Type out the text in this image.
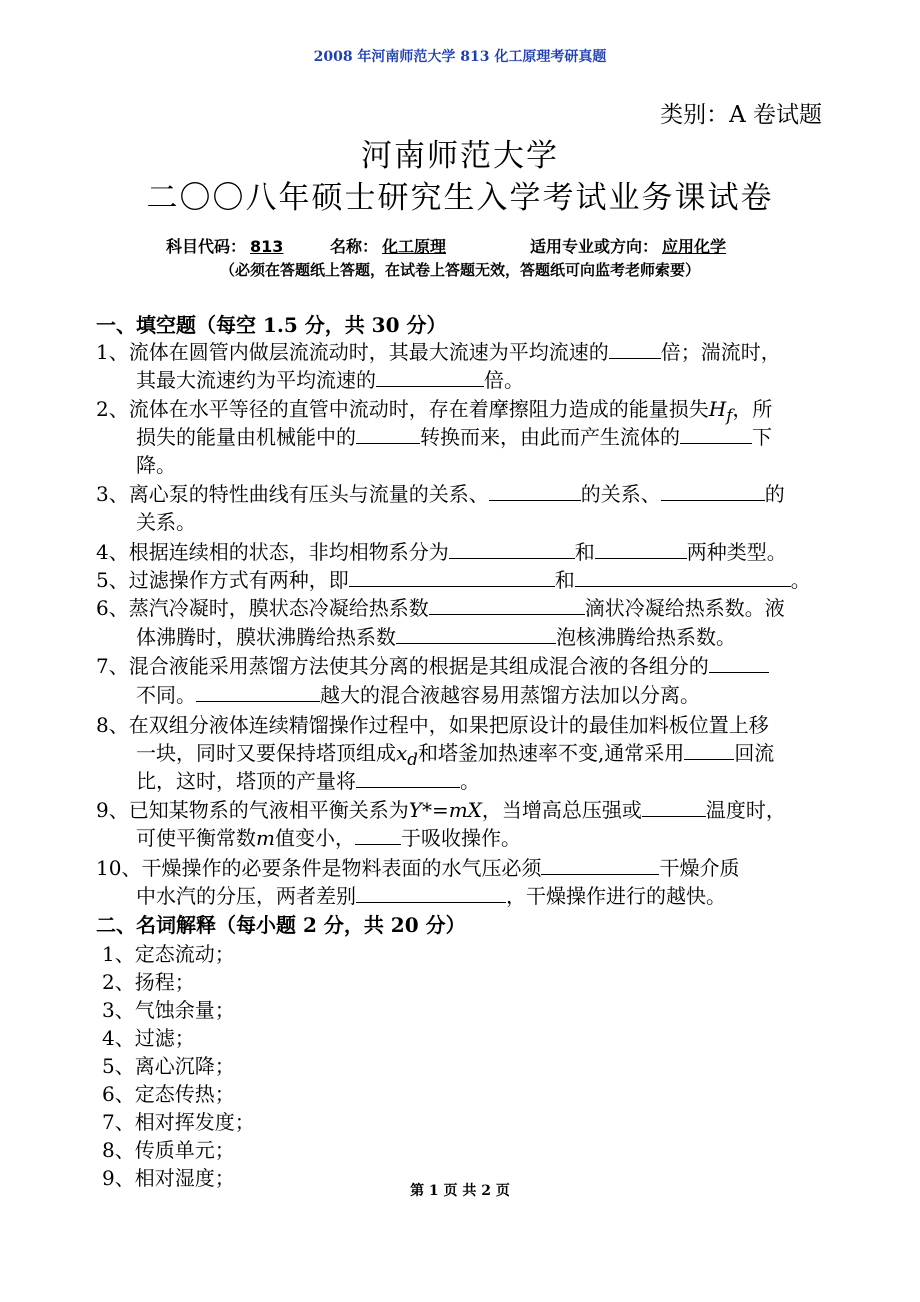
2008 年河南师范大学 813 化工原理考研真题
类别：A 卷试题
河南师范大学
二〇〇八年硕士研究生入学考试业务课试卷
科目代码： 813	名称： 化工原理	适用专业或方向： 应用化学
（必须在答题纸上答题，在试卷上答题无效，答题纸可向监考老师索要）
一、填空题（每空 1.5 分，共 30 分）
1、流体在圆管内做层流流动时，其最大流速为平均流速的	倍；湍流时，
其最大流速约为平均流速的	倍。
2、流体在水平等径的直管中流动时，存在着摩擦阻力造成的能量损失$H_f$，所
损失的能量由机械能中的	转换而来，由此而产生流体的	下
降。
3、离心泵的特性曲线有压头与流量的关系、	的关系、	的
关系。
4、根据连续相的状态，非均相物系分为	和	两种类型。
5、过滤操作方式有两种，即	和	。
6、蒸汽冷凝时，膜状态冷凝给热系数	滴状冷凝给热系数。液
体沸腾时，膜状沸腾给热系数	泡核沸腾给热系数。
7、混合液能采用蒸馏方法使其分离的根据是其组成混合液的各组分的
不同。	越大的混合液越容易用蒸馏方法加以分离。
8、在双组分液体连续精馏操作过程中，如果把原设计的最佳加料板位置上移
一块，同时又要保持塔顶组成$x_d$和塔釜加热速率不变,通常采用	回流
比，这时，塔顶的产量将	。
9、已知某物系的气液相平衡关系为Y*=mX，当增高总压强或	温度时，
可使平衡常数m值变小， 于吸收操作。
10、干燥操作的必要条件是物料表面的水气压必须	干燥介质
中水汽的分压，两者差别	，干燥操作进行的越快。
二、名词解释（每小题 2 分，共 20 分）
1、定态流动；
2、扬程；
3、气蚀余量；
4、过滤；
5、离心沉降；
6、定态传热；
7、相对挥发度；
8、传质单元；
9、相对湿度；
第 1 页 共 2 页
